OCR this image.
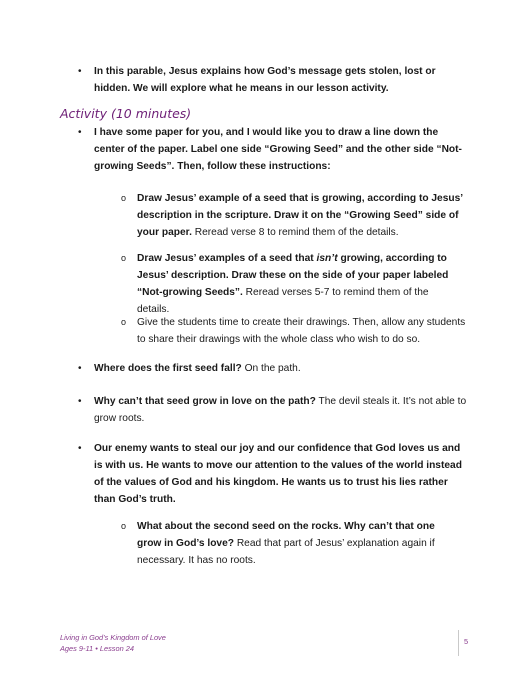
• In this parable, Jesus explains how God’s message gets stolen, lost or hidden. We will explore what he means in our lesson activity.
Activity (10 minutes)
• I have some paper for you, and I would like you to draw a line down the center of the paper. Label one side “Growing Seed” and the other side “Not-growing Seeds”. Then, follow these instructions:
o Draw Jesus’ example of a seed that is growing, according to Jesus’ description in the scripture. Draw it on the “Growing Seed” side of your paper. Reread verse 8 to remind them of the details.
o Draw Jesus’ examples of a seed that isn’t growing, according to Jesus’ description. Draw these on the side of your paper labeled “Not-growing Seeds”. Reread verses 5-7 to remind them of the details.
o Give the students time to create their drawings. Then, allow any students to share their drawings with the whole class who wish to do so.
• Where does the first seed fall? On the path.
• Why can’t that seed grow in love on the path? The devil steals it. It’s not able to grow roots.
• Our enemy wants to steal our joy and our confidence that God loves us and is with us. He wants to move our attention to the values of the world instead of the values of God and his kingdom. He wants us to trust his lies rather than God’s truth.
o What about the second seed on the rocks. Why can’t that one grow in God’s love? Read that part of Jesus’ explanation again if necessary. It has no roots.
Living in God’s Kingdom of Love
Ages 9-11 • Lesson 24
5
